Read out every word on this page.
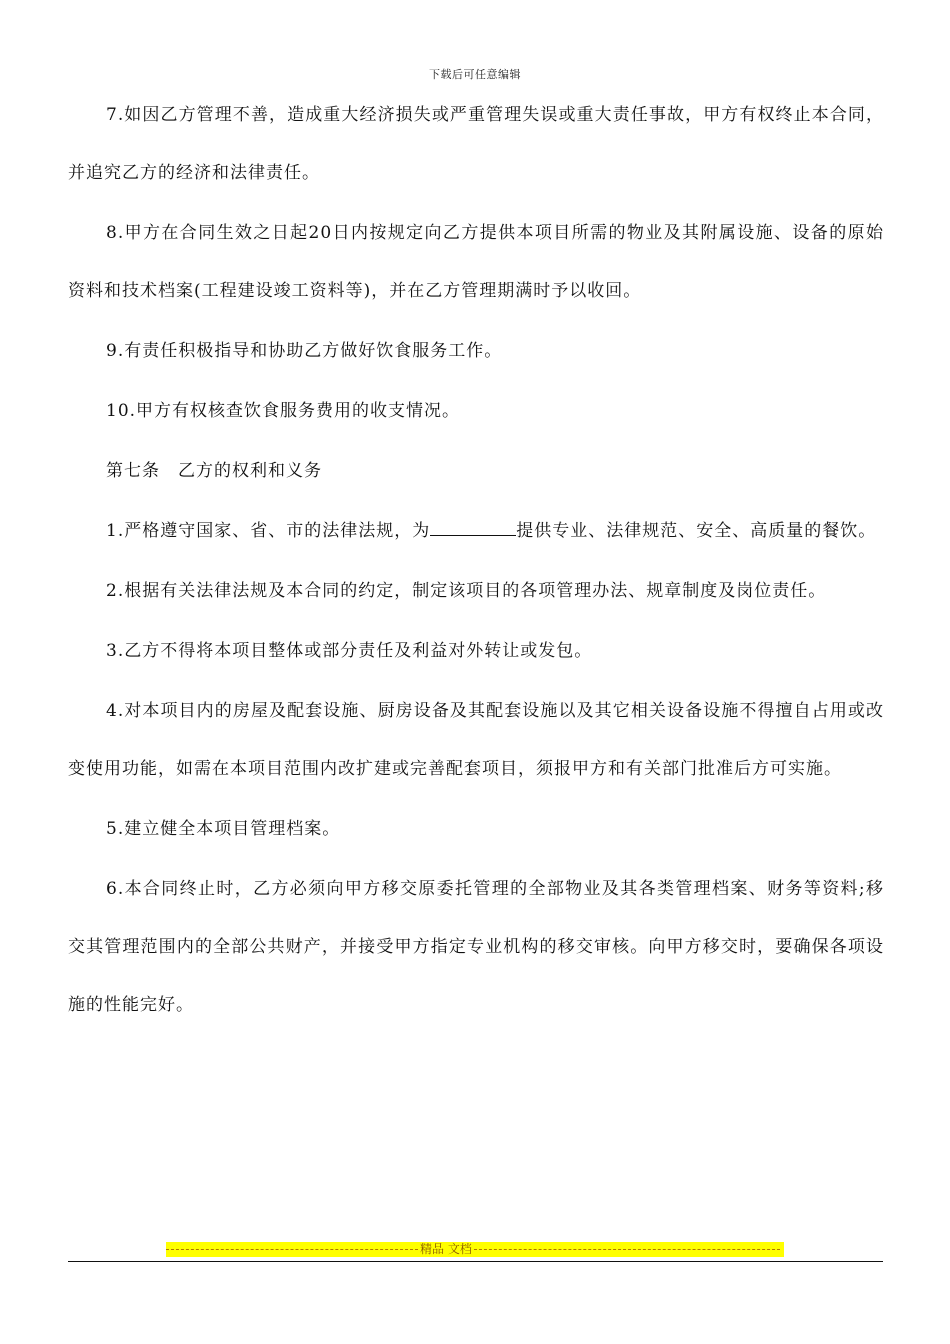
下载后可任意编辑

7.如因乙方管理不善，造成重大经济损失或严重管理失误或重大责任事故，甲方有权终止本合同，并追究乙方的经济和法律责任。

8.甲方在合同生效之日起20日内按规定向乙方提供本项目所需的物业及其附属设施、设备的原始资料和技术档案(工程建设竣工资料等)，并在乙方管理期满时予以收回。

9.有责任积极指导和协助乙方做好饮食服务工作。

10.甲方有权核查饮食服务费用的收支情况。

第七条　乙方的权利和义务

1.严格遵守国家、省、市的法律法规，为	提供专业、法律规范、安全、高质量的餐饮。

2.根据有关法律法规及本合同的约定，制定该项目的各项管理办法、规章制度及岗位责任。

3.乙方不得将本项目整体或部分责任及利益对外转让或发包。

4.对本项目内的房屋及配套设施、厨房设备及其配套设施以及其它相关设备设施不得擅自占用或改变使用功能，如需在本项目范围内改扩建或完善配套项目，须报甲方和有关部门批准后方可实施。

5.建立健全本项目管理档案。

6.本合同终止时，乙方必须向甲方移交原委托管理的全部物业及其各类管理档案、财务等资料;移交其管理范围内的全部公共财产，并接受甲方指定专业机构的移交审核。向甲方移交时，要确保各项设施的性能完好。

精品 文档
